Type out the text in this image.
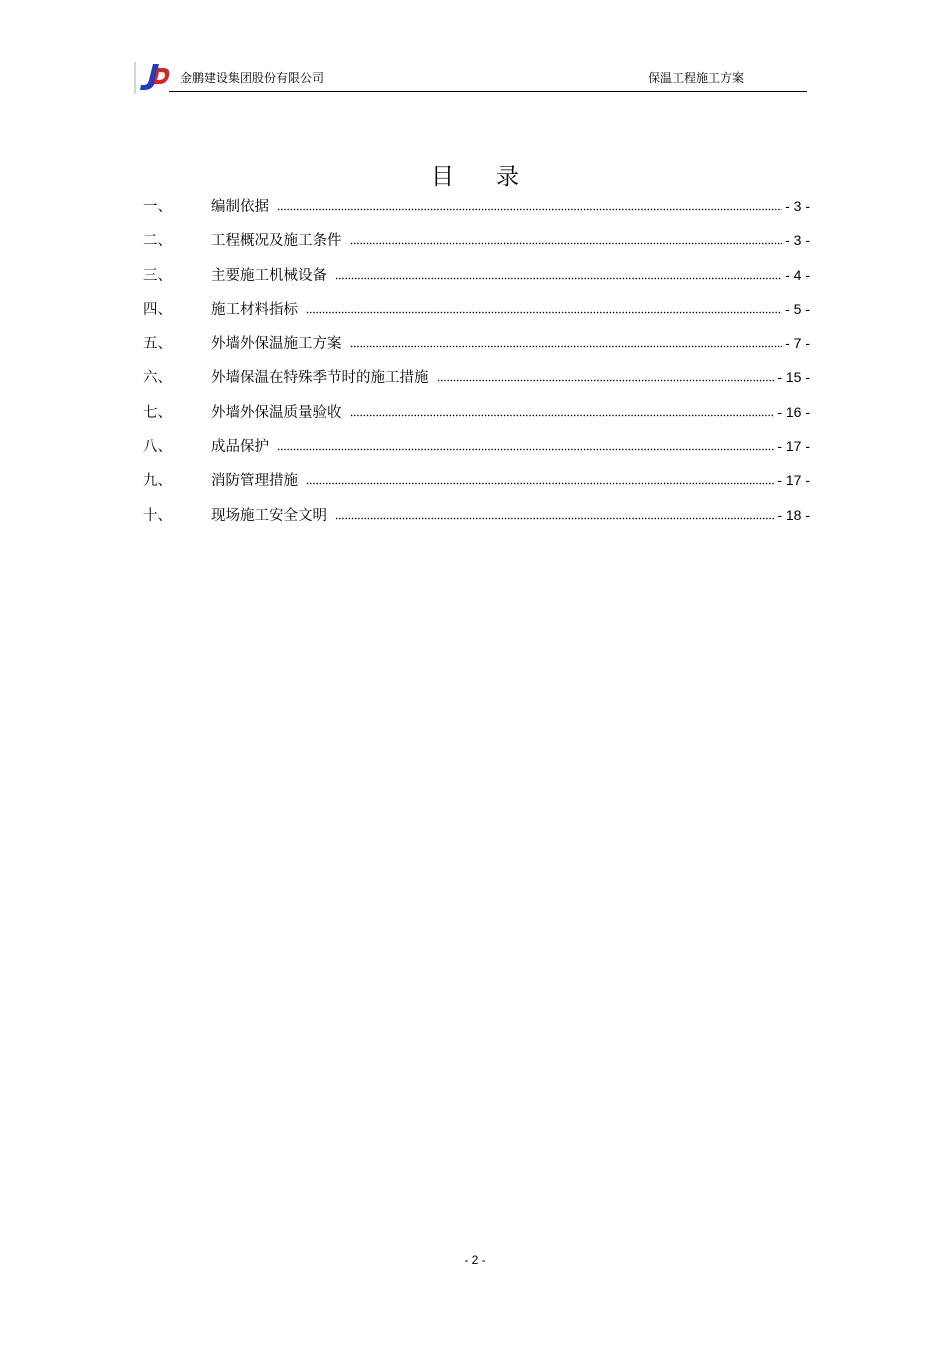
金鹏建设集团股份有限公司	保温工程施工方案
目 录
一、	编制依据	- 3 -
二、	工程概况及施工条件	- 3 -
三、	主要施工机械设备	- 4 -
四、	施工材料指标	- 5 -
五、	外墙外保温施工方案	- 7 -
六、	外墙保温在特殊季节时的施工措施	- 15 -
七、	外墙外保温质量验收	- 16 -
八、	成品保护	- 17 -
九、	消防管理措施	- 17 -
十、	现场施工安全文明	- 18 -
- 2 -
